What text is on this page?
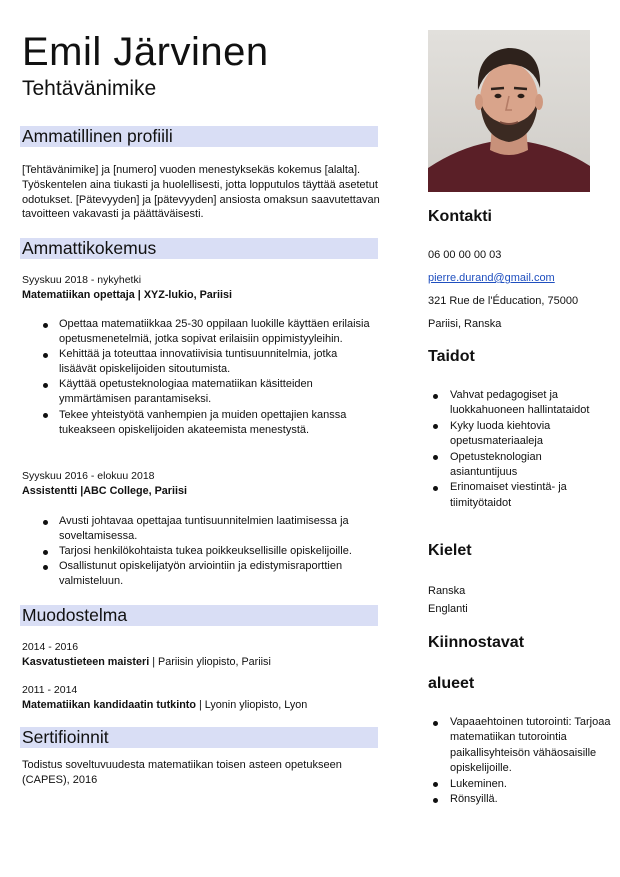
Emil Järvinen
Tehtävänimike
Ammatillinen profiili
[Tehtävänimike] ja [numero] vuoden menestyksekäs kokemus [alalta]. Työskentelen aina tiukasti ja huolellisesti, jotta lopputulos täyttää asetetut odotukset. [Pätevyyden] ja [pätevyyden] ansiosta omaksun saavutettavan tavoitteen vakavasti ja päättäväisesti.
Ammattikokemus
Syyskuu 2018 - nykyhetki
Matematiikan opettaja | XYZ-lukio, Pariisi
Opettaa matematiikkaa 25-30 oppilaan luokille käyttäen erilaisia opetusmenetelmiä, jotka sopivat erilaisiin oppimistyyleihin.
Kehittää ja toteuttaa innovatiivisia tuntisuunnitelmia, jotka lisäävät opiskelijoiden sitoutumista.
Käyttää opetusteknologiaa matematiikan käsitteiden ymmärtämisen parantamiseksi.
Tekee yhteistyötä vanhempien ja muiden opettajien kanssa tukeakseen opiskelijoiden akateemista menestystä.
Syyskuu 2016 - elokuu 2018
Assistentti |ABC College, Pariisi
Avusti johtavaa opettajaa tuntisuunnitelmien laatimisessa ja soveltamisessa.
Tarjosi henkilökohtaista tukea poikkeuksellisille opiskelijoille.
Osallistunut opiskelijatyön arviointiin ja edistymisraporttien valmisteluun.
Muodostelma
2014 - 2016
Kasvatustieteen maisteri | Pariisin yliopisto, Pariisi
2011 - 2014
Matematiikan kandidaatin tutkinto | Lyonin yliopisto, Lyon
Sertifioinnit
Todistus soveltuvuudesta matematiikan toisen asteen opetukseen (CAPES), 2016
Kontakti
06 00 00 00 03
pierre.durand@gmail.com
321 Rue de l'Éducation, 75000
Pariisi, Ranska
Taidot
Vahvat pedagogiset ja luokkahuoneen hallintataidot
Kyky luoda kiehtovia opetusmateriaaleja
Opetusteknologian asiantuntijuus
Erinomaiset viestintä- ja tiimityötaidot
Kielet
Ranska
Englanti
Kiinnostavat
alueet
Vapaaehtoinen tutorointi: Tarjoaa matematiikan tutorointia paikallisyhteisön vähäosaisille opiskelijoille.
Lukeminen.
Rönsyillä.
